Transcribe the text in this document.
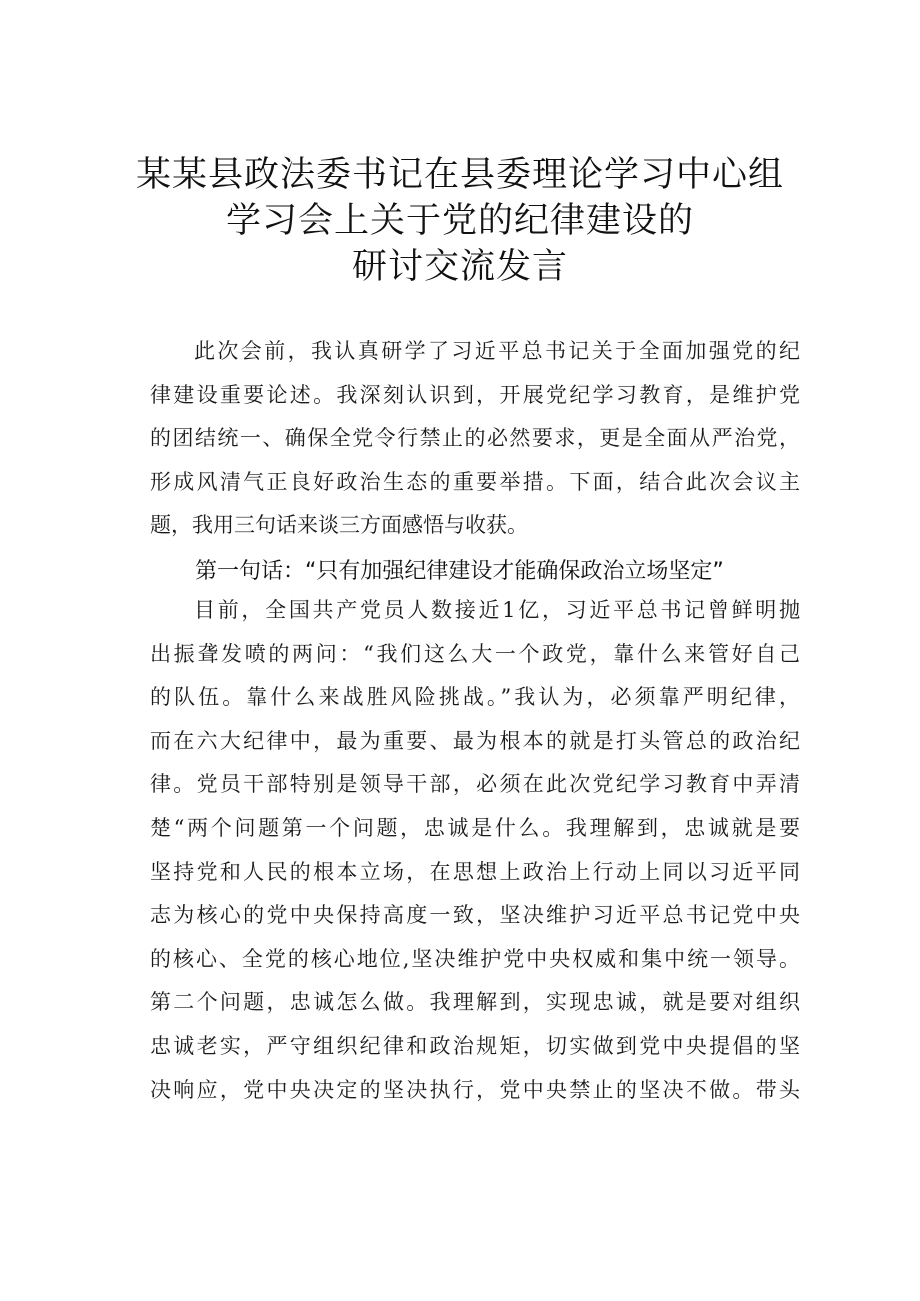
某某县政法委书记在县委理论学习中心组
学习会上关于党的纪律建设的
研讨交流发言

此次会前，我认真研学了习近平总书记关于全面加强党的纪
律建设重要论述。我深刻认识到，开展党纪学习教育，是维护党
的团结统一、确保全党令行禁止的必然要求，更是全面从严治党，
形成风清气正良好政治生态的重要举措。下面，结合此次会议主
题，我用三句话来谈三方面感悟与收获。

第一句话：“只有加强纪律建设才能确保政治立场坚定”

目前，全国共产党员人数接近1亿，习近平总书记曾鲜明抛
出振聋发喷的两问：“我们这么大一个政党，靠什么来管好自己
的队伍。靠什么来战胜风险挑战。”我认为，必须靠严明纪律，
而在六大纪律中，最为重要、最为根本的就是打头管总的政治纪
律。党员干部特别是领导干部，必须在此次党纪学习教育中弄清
楚“两个问题第一个问题，忠诚是什么。我理解到，忠诚就是要
坚持党和人民的根本立场，在思想上政治上行动上同以习近平同
志为核心的党中央保持高度一致，坚决维护习近平总书记党中央
的核心、全党的核心地位,坚决维护党中央权威和集中统一领导。
第二个问题，忠诚怎么做。我理解到，实现忠诚，就是要对组织
忠诚老实，严守组织纪律和政治规矩，切实做到党中央提倡的坚
决响应，党中央决定的坚决执行，党中央禁止的坚决不做。带头
